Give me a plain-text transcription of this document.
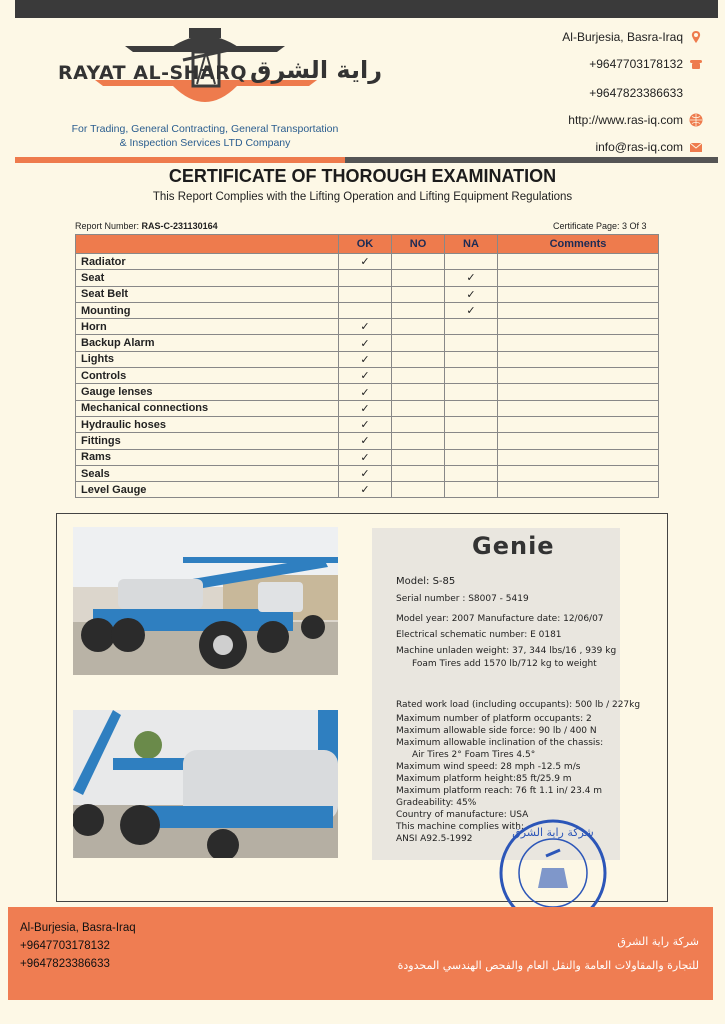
RAYAT AL-SHARQ راية الشرق
For Trading, General Contracting, General Transportation
& Inspection Services LTD Company
Al-Burjesia, Basra-Iraq
+9647703178132
+9647823386633
http://www.ras-iq.com
info@ras-iq.com
CERTIFICATE OF THOROUGH EXAMINATION
This Report Complies with the Lifting Operation and Lifting Equipment Regulations
Report Number: RAS-C-231130164	Certificate Page: 3 Of 3
	OK	NO	NA	Comments
Radiator	✓			
Seat			✓	
Seat Belt			✓	
Mounting			✓	
Horn	✓			
Backup Alarm	✓			
Lights	✓			
Controls	✓			
Gauge lenses	✓			
Mechanical connections	✓			
Hydraulic hoses	✓			
Fittings	✓			
Rams	✓			
Seals	✓			
Level Gauge	✓			
Genie
Model: S-85
Serial number : S8007 - 5419
Model year: 2007 Manufacture date: 12/06/07
Electrical schematic number: E 0181
Machine unladen weight: 37, 344 lbs/16 , 939 kg
Foam Tires add 1570 lb/712 kg to weight
Rated work load (including occupants): 500 lb / 227kg
Maximum number of platform occupants: 2
Maximum allowable side force: 90 lb / 400 N
Maximum allowable inclination of the chassis:
Air Tires 2° Foam Tires 4.5°
Maximum wind speed: 28 mph -12.5 m/s
Maximum platform height:85 ft/25.9 m
Maximum platform reach: 76 ft 1.1 in/ 23.4 m
Gradeability: 45%
Country of manufacture: USA
This machine complies with:
ANSI A92.5-1992	شركة راية الشرق
Al-Burjesia, Basra-Iraq
+9647703178132
+9647823386633
شركة راية الشرق
للتجارة والمقاولات العامة والنقل العام والفحص الهندسي المحدودة
